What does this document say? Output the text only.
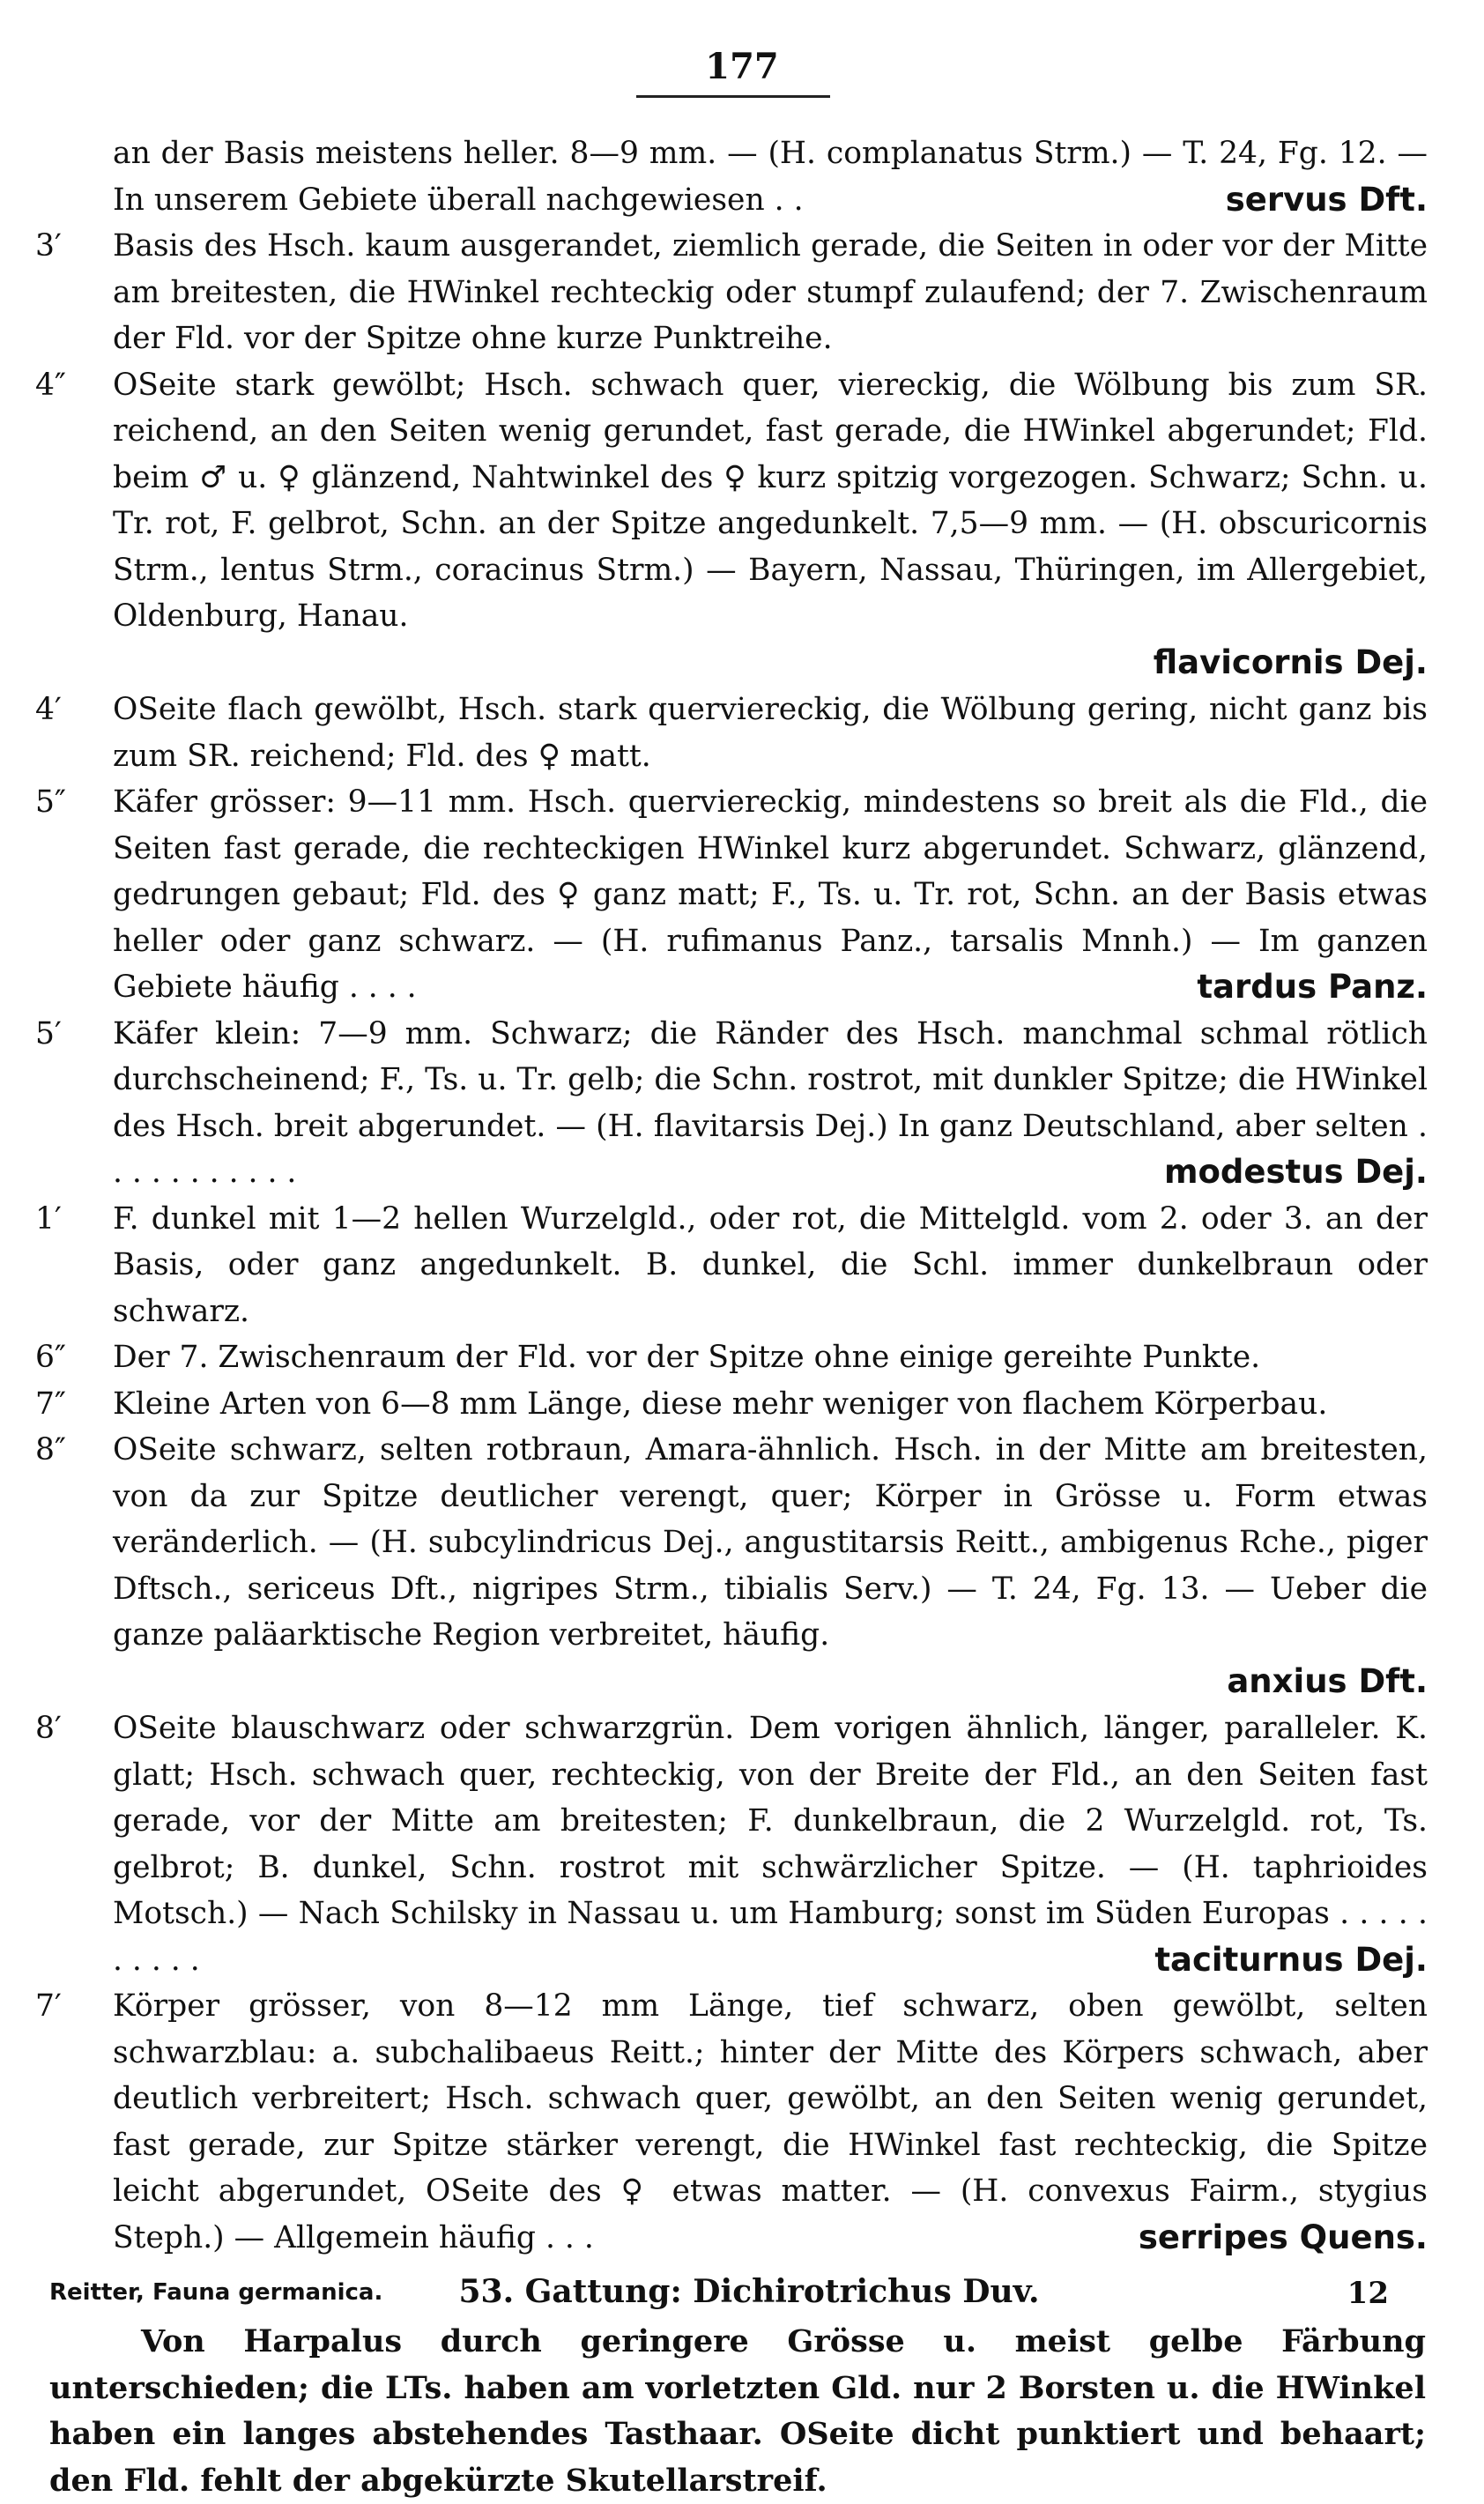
177
an der Basis meistens heller. 8—9 mm. — (H. complanatus Strm.) — T. 24, Fg. 12. — In unserem Gebiete überall nachgewiesen . .	servus Dft.
3′	Basis des Hsch. kaum ausgerandet, ziemlich gerade, die Seiten in oder vor der Mitte am breitesten, die HWinkel rechteckig oder stumpf zulaufend; der 7. Zwischenraum der Fld. vor der Spitze ohne kurze Punktreihe.
4″	OSeite stark gewölbt; Hsch. schwach quer, viereckig, die Wölbung bis zum SR. reichend, an den Seiten wenig gerundet, fast gerade, die HWinkel abgerundet; Fld. beim ♂ u. ♀ glänzend, Nahtwinkel des ♀ kurz spitzig vorgezogen. Schwarz; Schn. u. Tr. rot, F. gelbrot, Schn. an der Spitze angedunkelt. 7,5—9 mm. — (H. obscuricornis Strm., lentus Strm., coracinus Strm.) — Bayern, Nassau, Thüringen, im Allergebiet, Oldenburg, Hanau.
flavicornis Dej.
4′	OSeite flach gewölbt, Hsch. stark querviereckig, die Wölbung gering, nicht ganz bis zum SR. reichend; Fld. des ♀ matt.
5″	Käfer grösser: 9—11 mm. Hsch. querviereckig, mindestens so breit als die Fld., die Seiten fast gerade, die rechteckigen HWinkel kurz abgerundet. Schwarz, glänzend, gedrungen gebaut; Fld. des ♀ ganz matt; F., Ts. u. Tr. rot, Schn. an der Basis etwas heller oder ganz schwarz. — (H. rufimanus Panz., tarsalis Mnnh.) — Im ganzen Gebiete häufig . . . .	tardus Panz.
5′	Käfer klein: 7—9 mm. Schwarz; die Ränder des Hsch. manchmal schmal rötlich durchscheinend; F., Ts. u. Tr. gelb; die Schn. rostrot, mit dunkler Spitze; die HWinkel des Hsch. breit abgerundet. — (H. flavitarsis Dej.) In ganz Deutschland, aber selten . . . . . . . . . . .	modestus Dej.
1′	F. dunkel mit 1—2 hellen Wurzelgld., oder rot, die Mittelgld. vom 2. oder 3. an der Basis, oder ganz angedunkelt. B. dunkel, die Schl. immer dunkelbraun oder schwarz.
6″	Der 7. Zwischenraum der Fld. vor der Spitze ohne einige gereihte Punkte.
7″	Kleine Arten von 6—8 mm Länge, diese mehr weniger von flachem Körperbau.
8″	OSeite schwarz, selten rotbraun, Amara-ähnlich. Hsch. in der Mitte am breitesten, von da zur Spitze deutlicher verengt, quer; Körper in Grösse u. Form etwas veränderlich. — (H. subcylindricus Dej., angustitarsis Reitt., ambigenus Rche., piger Dftsch., sericeus Dft., nigripes Strm., tibialis Serv.) — T. 24, Fg. 13. — Ueber die ganze paläarktische Region verbreitet, häufig.
anxius Dft.
8′	OSeite blauschwarz oder schwarzgrün. Dem vorigen ähnlich, länger, paralleler. K. glatt; Hsch. schwach quer, rechteckig, von der Breite der Fld., an den Seiten fast gerade, vor der Mitte am breitesten; F. dunkelbraun, die 2 Wurzelgld. rot, Ts. gelbrot; B. dunkel, Schn. rostrot mit schwärzlicher Spitze. — (H. taphrioides Motsch.) — Nach Schilsky in Nassau u. um Hamburg; sonst im Süden Europas . . . . . . . . . .	taciturnus Dej.
7′	Körper grösser, von 8—12 mm Länge, tief schwarz, oben gewölbt, selten schwarzblau: a. subchalibaeus Reitt.; hinter der Mitte des Körpers schwach, aber deutlich verbreitert; Hsch. schwach quer, gewölbt, an den Seiten wenig gerundet, fast gerade, zur Spitze stärker verengt, die HWinkel fast rechteckig, die Spitze leicht abgerundet, OSeite des ♀ etwas matter. — (H. convexus Fairm., stygius Steph.) — Allgemein häufig . . .	serripes Quens.
53. Gattung: Dichirotrichus Duv.
Von Harpalus durch geringere Grösse u. meist gelbe Färbung unterschieden; die LTs. haben am vorletzten Gld. nur 2 Borsten u. die HWinkel haben ein langes abstehendes Tasthaar. OSeite dicht punktiert und behaart; den Fld. fehlt der abgekürzte Skutellarstreif.
Reitter, Fauna germanica.	12
